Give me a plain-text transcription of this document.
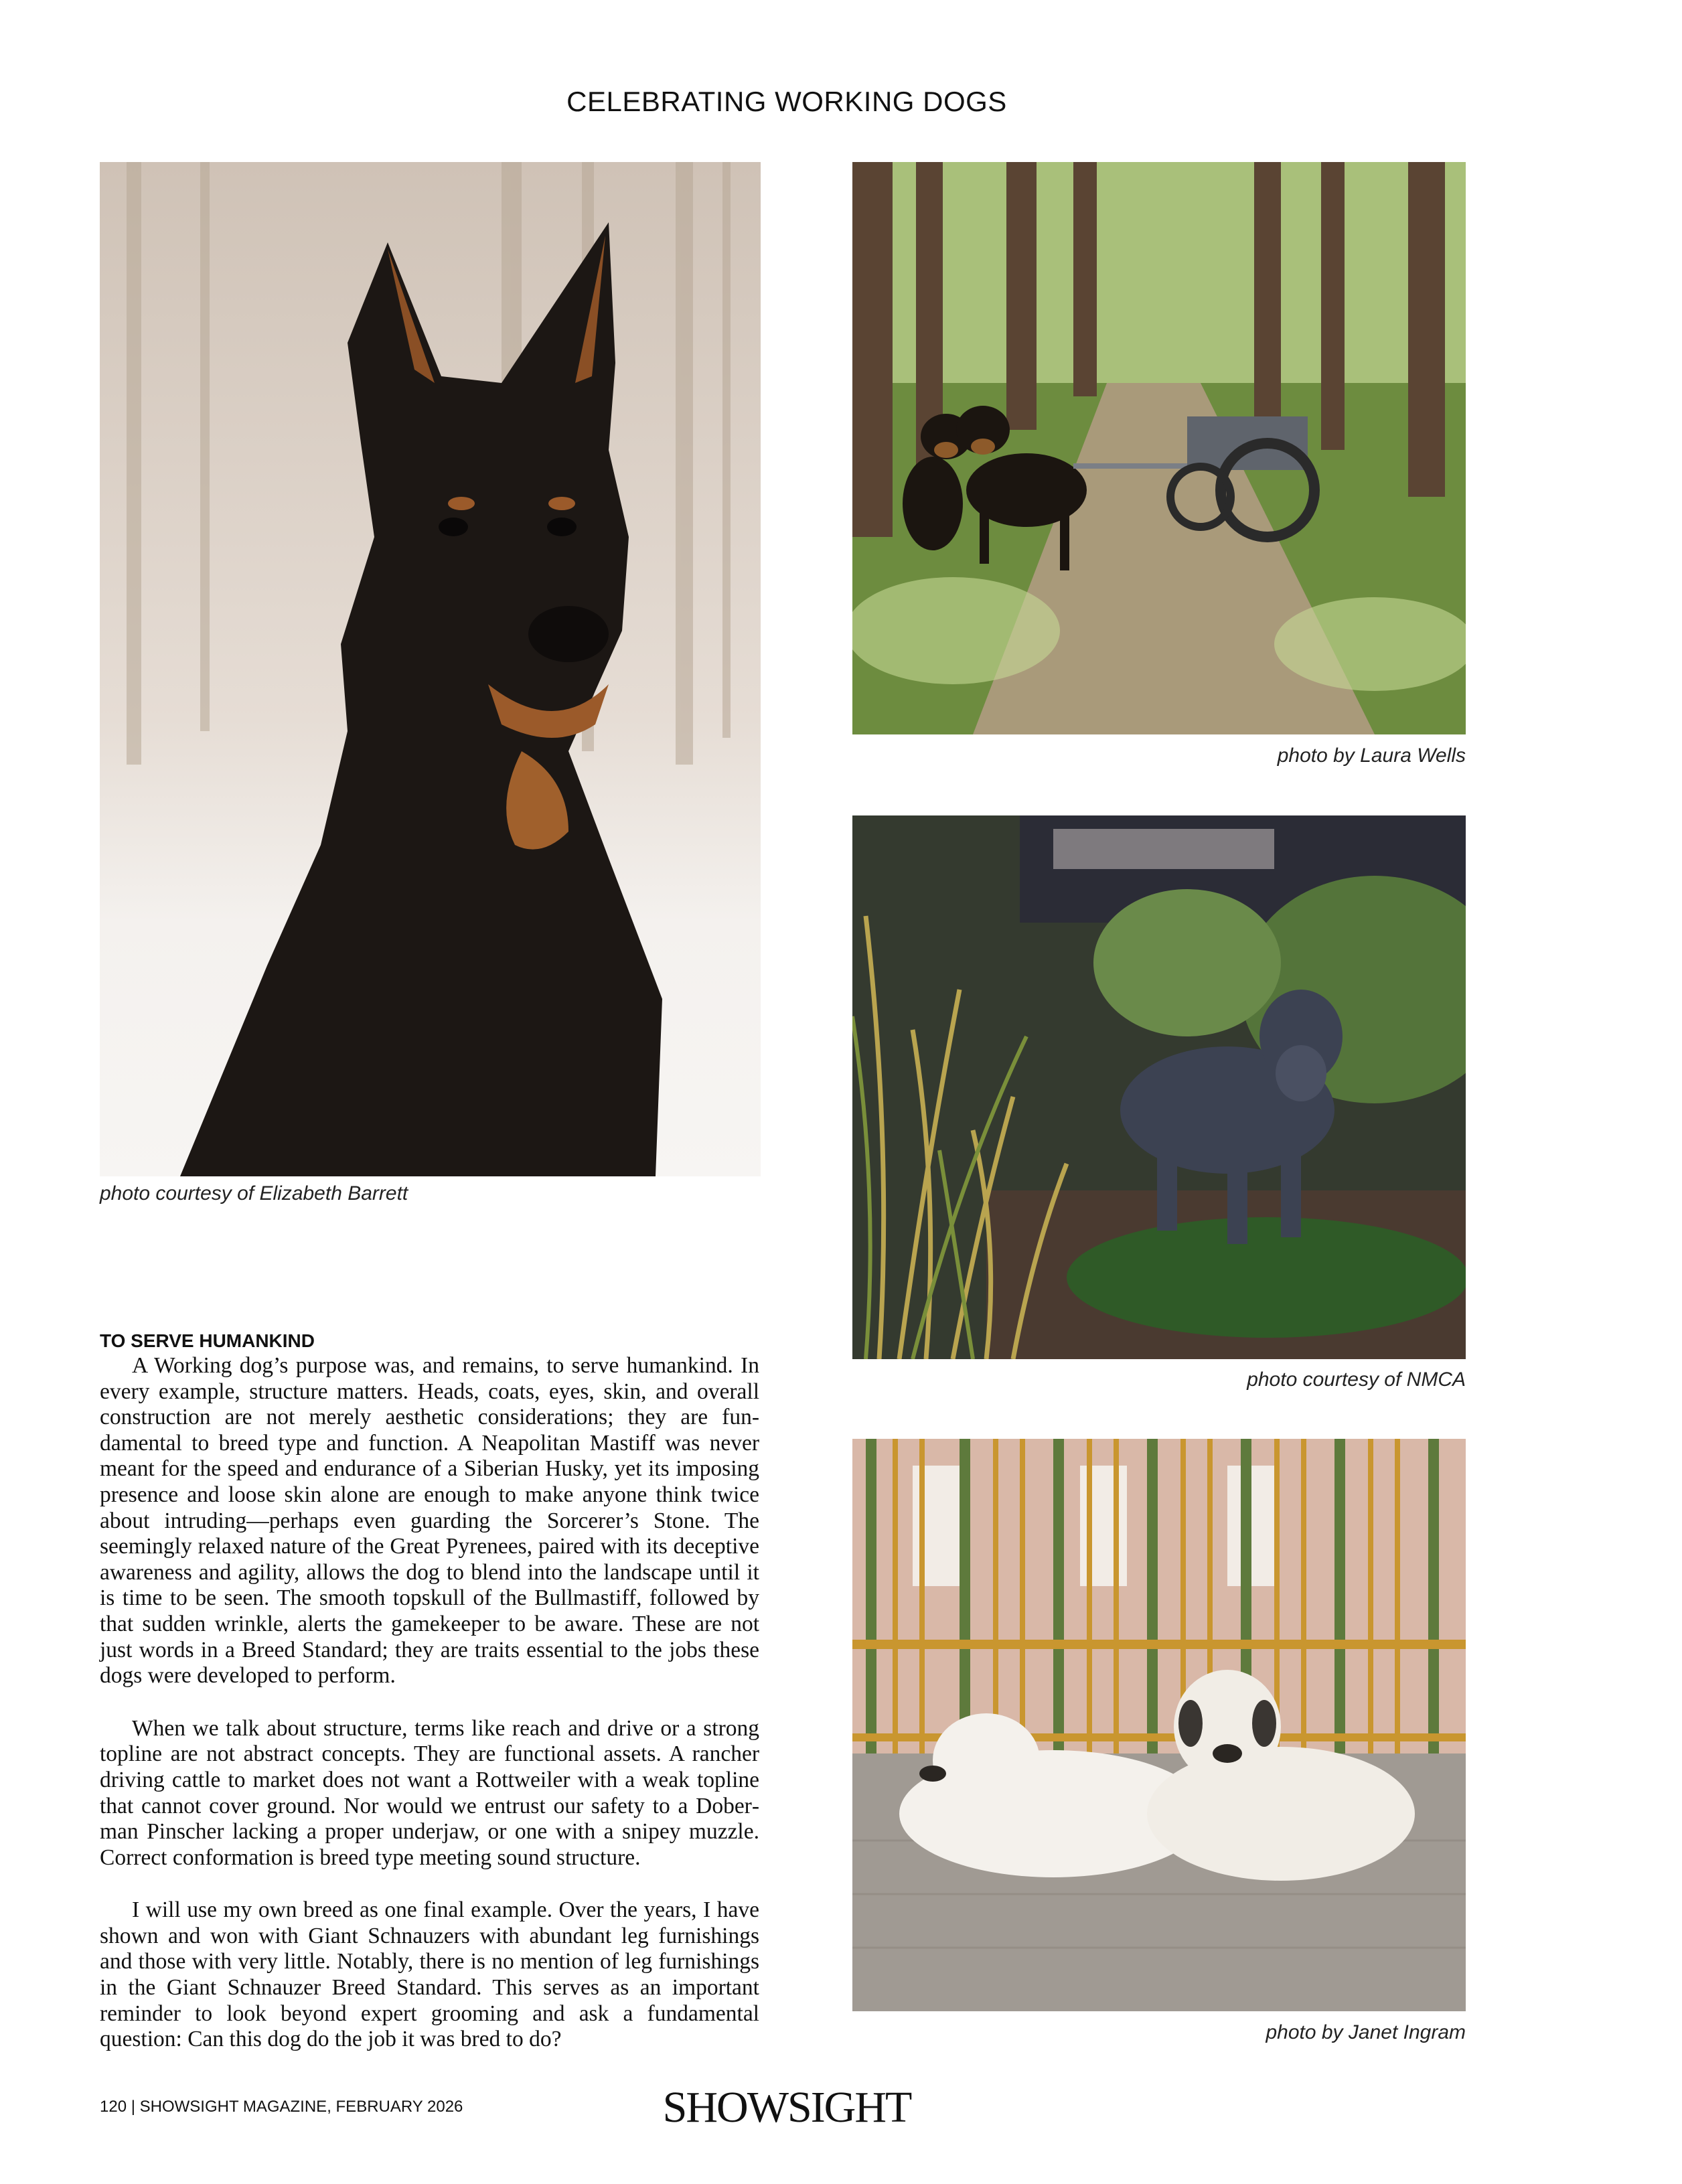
CELEBRATING WORKING DOGS
photo courtesy of Elizabeth Barrett
photo by Laura Wells
photo courtesy of NMCA
photo by Janet Ingram
TO SERVE HUMANKIND

A Working dog’s purpose was, and remains, to serve humankind. In every example, structure matters. Heads, coats, eyes, skin, and overall construction are not merely aesthetic considerations; they are fundamental to breed type and function. A Neapolitan Mastiff was never meant for the speed and endurance of a Siberian Husky, yet its imposing presence and loose skin alone are enough to make anyone think twice about intruding—perhaps even guarding the Sorcerer’s Stone. The seemingly relaxed nature of the Great Pyrenees, paired with its deceptive awareness and agility, allows the dog to blend into the landscape until it is time to be seen. The smooth topskull of the Bullmastiff, followed by that sudden wrinkle, alerts the gamekeeper to be aware. These are not just words in a Breed Standard; they are traits essential to the jobs these dogs were developed to perform.

When we talk about structure, terms like reach and drive or a strong topline are not abstract concepts. They are functional assets. A rancher driving cattle to market does not want a Rottweiler with a weak topline that cannot cover ground. Nor would we entrust our safety to a Doberman Pinscher lacking a proper underjaw, or one with a snipey muzzle. Correct conformation is breed type meeting sound structure.

I will use my own breed as one final example. Over the years, I have shown and won with Giant Schnauzers with abundant leg furnishings and those with very little. Notably, there is no mention of leg furnishings in the Giant Schnauzer Breed Standard. This serves as an important reminder to look beyond expert grooming and ask a fundamental question: Can this dog do the job it was bred to do?

120 | SHOWSIGHT MAGAZINE, FEBRUARY 2026	SHOWSIGHT
